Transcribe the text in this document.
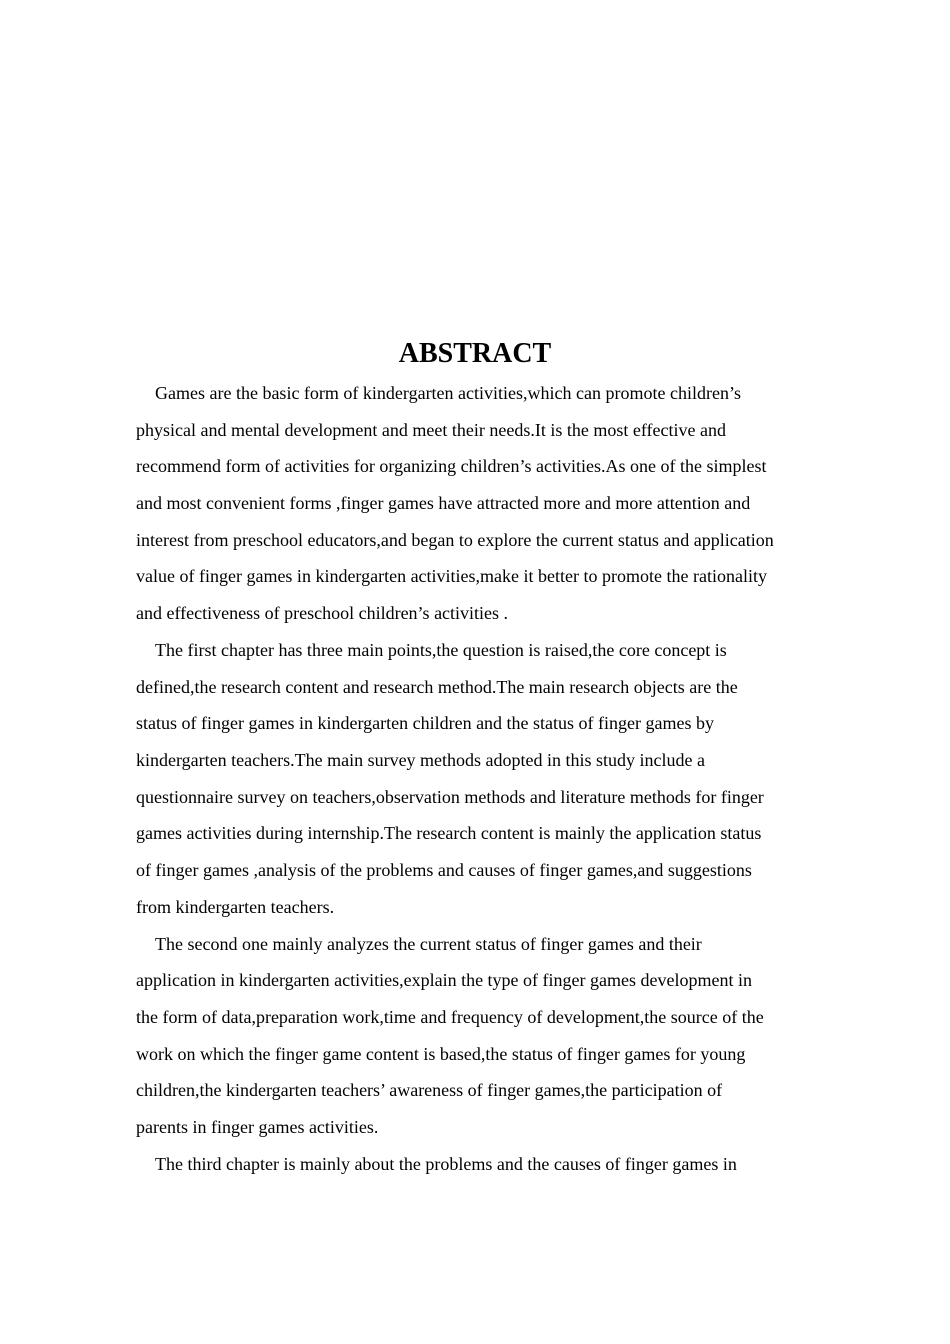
ABSTRACT

Games are the basic form of kindergarten activities,which can promote children’s

physical and mental development and meet their needs.It is the most effective and

recommend form of activities for organizing children’s activities.As one of the simplest

and most convenient forms ,finger games have attracted more and more attention and

interest from preschool educators,and began to explore the current status and application

value of finger games in kindergarten activities,make it better to promote the rationality

and effectiveness of preschool children’s activities .

The first chapter has three main points,the question is raised,the core concept is

defined,the research content and research method.The main research objects are the

status of finger games in kindergarten children and the status of finger games by

kindergarten teachers.The main survey methods adopted in this study include a

questionnaire survey on teachers,observation methods and literature methods for finger

games activities during internship.The research content is mainly the application status

of finger games ,analysis of the problems and causes of finger games,and suggestions

from kindergarten teachers.

The second one mainly analyzes the current status of finger games and their

application in kindergarten activities,explain the type of finger games development in

the form of data,preparation work,time and frequency of development,the source of the

work on which the finger game content is based,the status of finger games for young

children,the kindergarten teachers’ awareness of finger games,the participation of

parents in finger games activities.

The third chapter is mainly about the problems and the causes of finger games in
